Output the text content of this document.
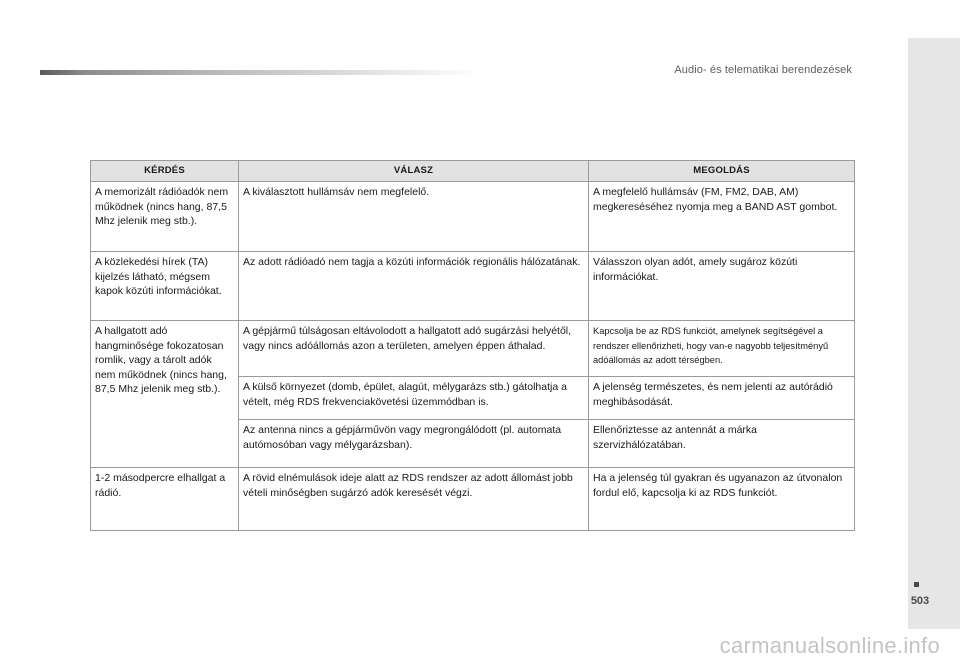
Audio- és telematikai berendezések
KÉRDÉS	VÁLASZ	MEGOLDÁS
A memorizált rádióadók nem működnek (nincs hang, 87,5 Mhz jelenik meg stb.).	A kiválasztott hullámsáv nem megfelelő.	A megfelelő hullámsáv (FM, FM2, DAB, AM) megkereséséhez nyomja meg a BAND AST gombot.
A közlekedési hírek (TA) kijelzés látható, mégsem kapok közúti információkat.	Az adott rádióadó nem tagja a közúti információk regionális hálózatának.	Válasszon olyan adót, amely sugároz közúti információkat.
A hallgatott adó hangminősége fokozatosan romlik, vagy a tárolt adók nem működnek (nincs hang, 87,5 Mhz jelenik meg stb.).	A gépjármű túlságosan eltávolodott a hallgatott adó sugárzási helyétől, vagy nincs adóállomás azon a területen, amelyen éppen áthalad.	Kapcsolja be az RDS funkciót, amelynek segítségével a rendszer ellenőrizheti, hogy van-e nagyobb teljesítményű adóállomás az adott térségben.
	A külső környezet (domb, épület, alagút, mélygarázs stb.) gátolhatja a vételt, még RDS frekvenciakövetési üzemmódban is.	A jelenség természetes, és nem jelenti az autórádió meghibásodását.
	Az antenna nincs a gépjárművön vagy megrongálódott (pl. automata autómosóban vagy mélygarázsban).	Ellenőriztesse az antennát a márka szervizhálózatában.
1-2 másodpercre elhallgat a rádió.	A rövid elnémulások ideje alatt az RDS rendszer az adott állomást jobb vételi minőségben sugárzó adók keresését végzi.	Ha a jelenség túl gyakran és ugyanazon az útvonalon fordul elő, kapcsolja ki az RDS funkciót.
503
carmanualsonline.info
